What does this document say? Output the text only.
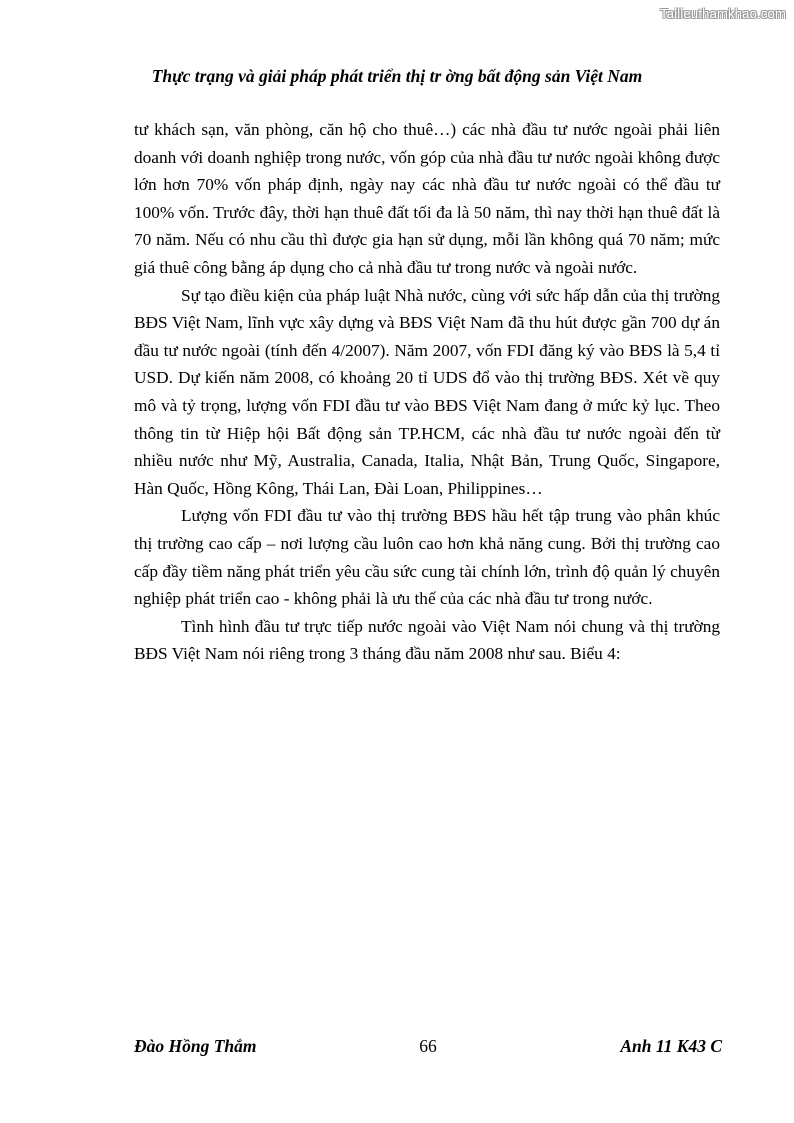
Tailieuthamkhao.com
Thực trạng và giải pháp phát triển thị tr ờng bất động sản Việt Nam

tư khách sạn, văn phòng, căn hộ cho thuê…) các nhà đầu tư nước ngoài phải liên doanh với doanh nghiệp trong nước, vốn góp của nhà đầu tư nước ngoài không được lớn hơn 70% vốn pháp định, ngày nay các nhà đầu tư nước ngoài có thể đầu tư 100% vốn. Trước đây, thời hạn thuê đất tối đa là 50 năm, thì nay thời hạn thuê đất là 70 năm. Nếu có nhu cầu thì được gia hạn sử dụng, mỗi lần không quá 70 năm; mức giá thuê công bằng áp dụng cho cả nhà đầu tư trong nước và ngoài nước.

Sự tạo điều kiện của pháp luật Nhà nước, cùng với sức hấp dẫn của thị trường BĐS Việt Nam, lĩnh vực xây dựng và BĐS Việt Nam đã thu hút được gần 700 dự án đầu tư nước ngoài (tính đến 4/2007). Năm 2007, vốn FDI đăng ký vào BĐS là 5,4 tỉ USD. Dự kiến năm 2008, có khoảng 20 tỉ UDS đổ vào thị trường BĐS. Xét về quy mô và tỷ trọng, lượng vốn FDI đầu tư vào BĐS Việt Nam đang ở mức kỷ lục. Theo thông tin từ Hiệp hội Bất động sản TP.HCM, các nhà đầu tư nước ngoài đến từ nhiều nước như Mỹ, Australia, Canada, Italia, Nhật Bản, Trung Quốc, Singapore, Hàn Quốc, Hồng Kông, Thái Lan, Đài Loan, Philippines…

Lượng vốn FDI đầu tư vào thị trường BĐS hầu hết tập trung vào phân khúc thị trường cao cấp – nơi lượng cầu luôn cao hơn khả năng cung. Bởi thị trường cao cấp đầy tiềm năng phát triển yêu cầu sức cung tài chính lớn, trình độ quản lý chuyên nghiệp phát triển cao - không phải là ưu thế của các nhà đầu tư trong nước.

Tình hình đầu tư trực tiếp nước ngoài vào Việt Nam nói chung và thị trường BĐS Việt Nam nói riêng trong 3 tháng đầu năm 2008 như sau. Biểu 4:

Đào Hồng Thắm	66	Anh 11 K43 C
